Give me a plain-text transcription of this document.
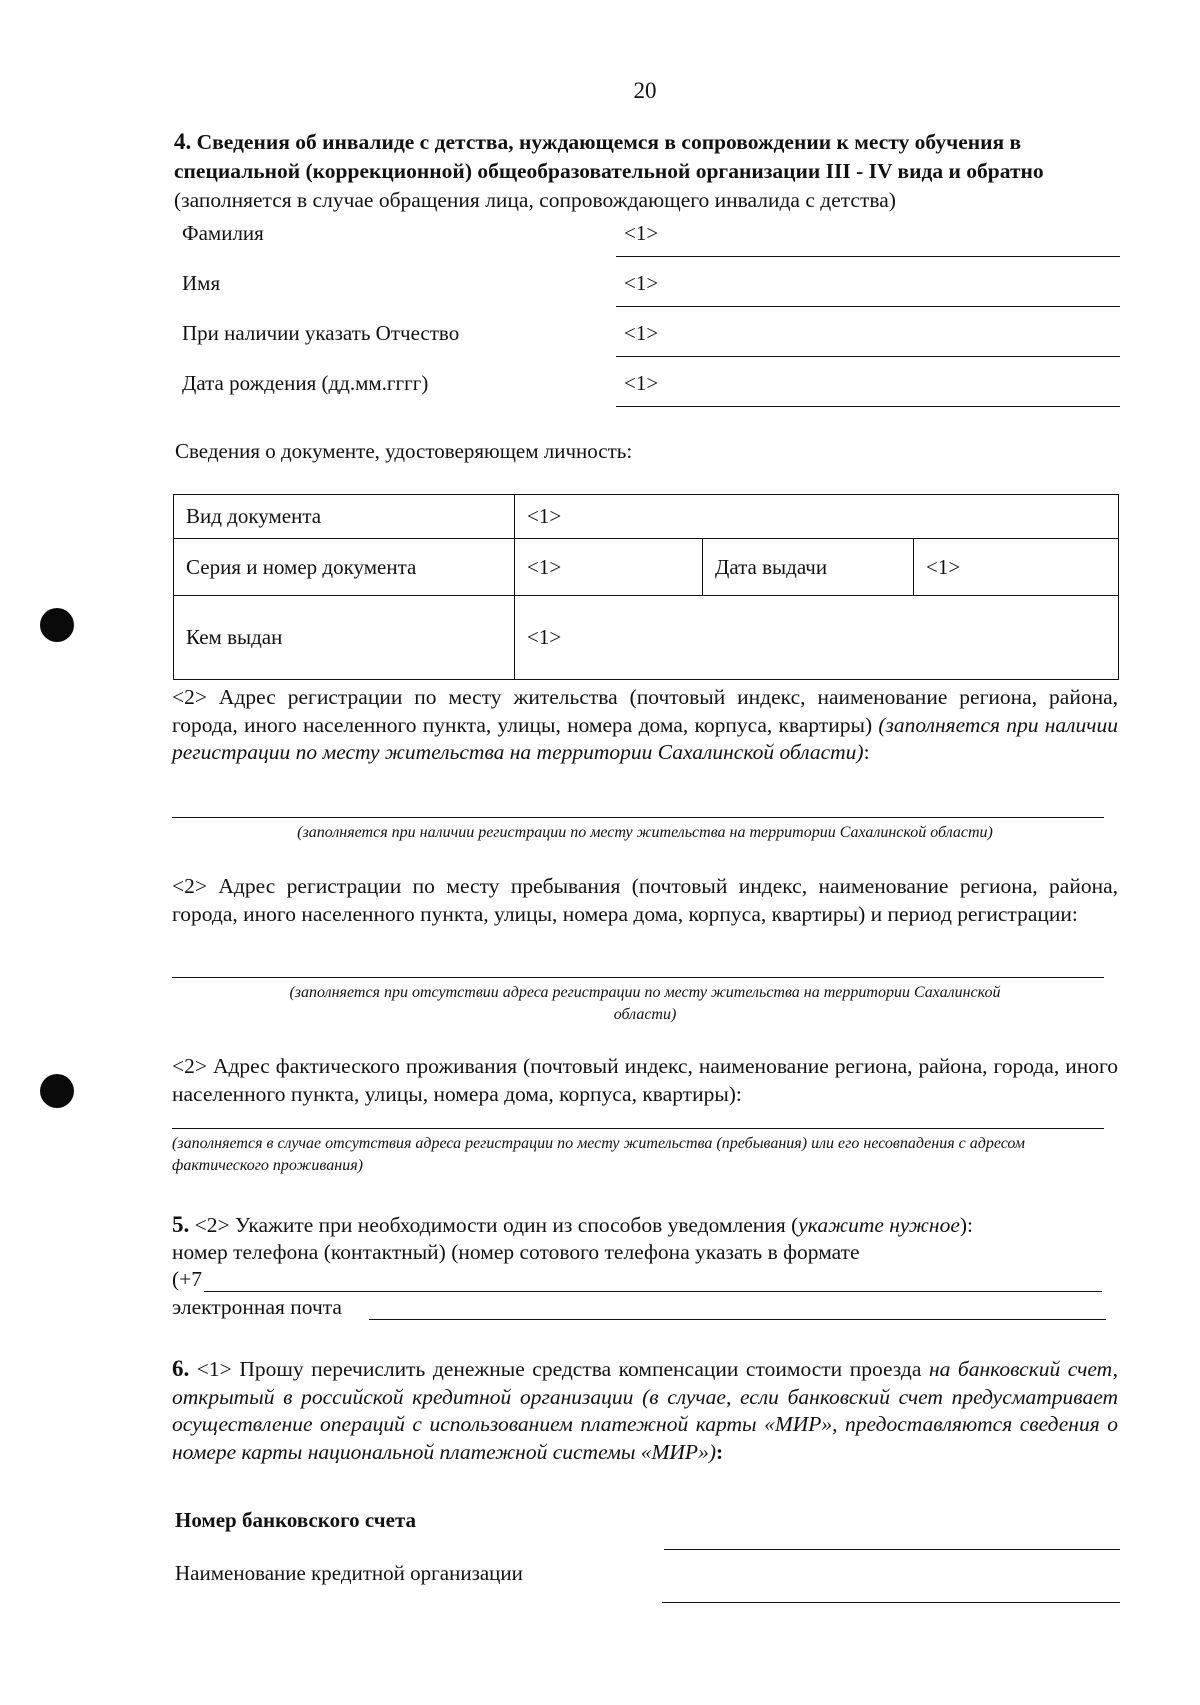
20
4. Сведения об инвалиде с детства, нуждающемся в сопровождении к месту обучения в специальной (коррекционной) общеобразовательной организации III - IV вида и обратно (заполняется в случае обращения лица, сопровождающего инвалида с детства)
Фамилия	<1>
Имя	<1>
При наличии указать Отчество	<1>
Дата рождения (дд.мм.гггг)	<1>
Сведения о документе, удостоверяющем личность:
Вид документа	<1>		
Серия и номер документа	<1>	Дата выдачи	<1>
Кем выдан	<1>		
<2> Адрес регистрации по месту жительства (почтовый индекс, наименование региона, района, города, иного населенного пункта, улицы, номера дома, корпуса, квартиры) (заполняется при наличии регистрации по месту жительства на территории Сахалинской области):
(заполняется при наличии регистрации по месту жительства на территории Сахалинской области)
<2> Адрес регистрации по месту пребывания (почтовый индекс, наименование региона, района, города, иного населенного пункта, улицы, номера дома, корпуса, квартиры) и период регистрации:
(заполняется при отсутствии адреса регистрации по месту жительства на территории Сахалинской
области)
<2> Адрес фактического проживания (почтовый индекс, наименование региона, района, города, иного населенного пункта, улицы, номера дома, корпуса, квартиры):
(заполняется в случае отсутствия адреса регистрации по месту жительства (пребывания) или его несовпадения с адресом фактического проживания)
5. <2> Укажите при необходимости один из способов уведомления (укажите нужное):
номер телефона (контактный) (номер сотового телефона указать в формате
(+7
электронная почта
6. <1> Прошу перечислить денежные средства компенсации стоимости проезда на банковский счет, открытый в российской кредитной организации (в случае, если банковский счет предусматривает осуществление операций с использованием платежной карты «МИР», предоставляются сведения о номере карты национальной платежной системы «МИР»):
Номер банковского счета
Наименование кредитной организации
